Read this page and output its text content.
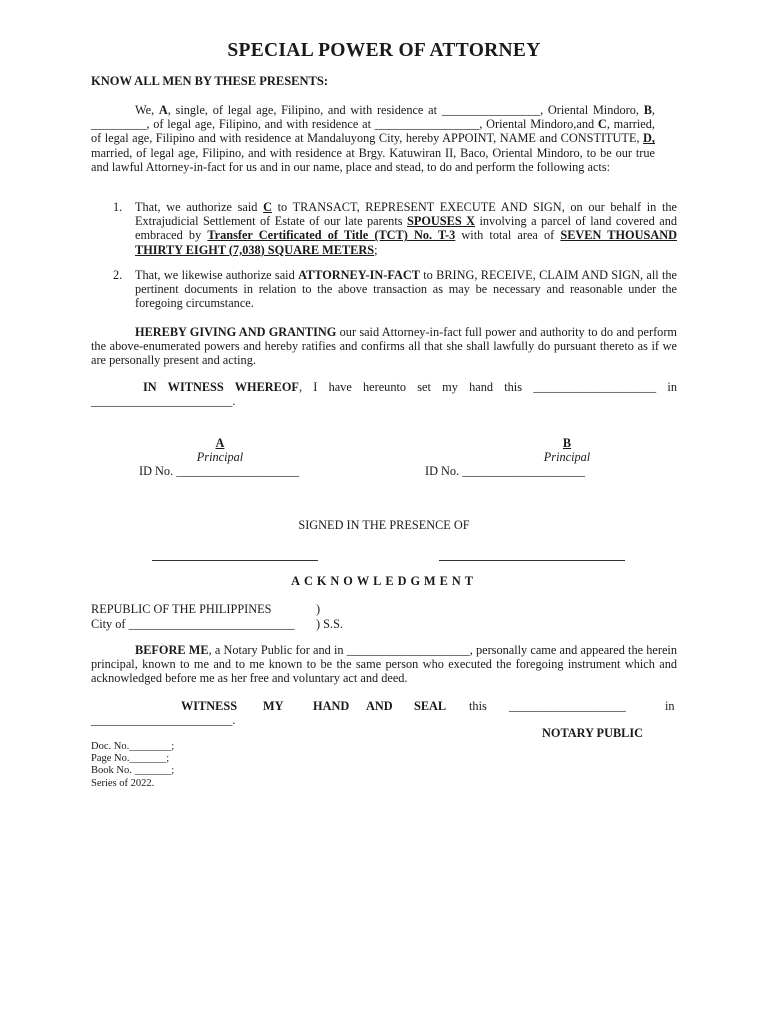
SPECIAL POWER OF ATTORNEY
KNOW ALL MEN BY THESE PRESENTS:
We, A, single, of legal age, Filipino, and with residence at ________________, Oriental Mindoro, B, _________, of legal age, Filipino, and with residence at _________________, Oriental Mindoro,and C, married, of legal age, Filipino and with residence at Mandaluyong City, hereby APPOINT, NAME and CONSTITUTE, D, married, of legal age, Filipino, and with residence at Brgy. Katuwiran II, Baco, Oriental Mindoro, to be our true and lawful Attorney-in-fact for us and in our name, place and stead, to do and perform the following acts:
1. That, we authorize said C to TRANSACT, REPRESENT EXECUTE AND SIGN, on our behalf in the Extrajudicial Settlement of Estate of our late parents SPOUSES X involving a parcel of land covered and embraced by Transfer Certificated of Title (TCT) No. T-3 with total area of SEVEN THOUSAND THIRTY EIGHT (7,038) SQUARE METERS;
2. That, we likewise authorize said ATTORNEY-IN-FACT to BRING, RECEIVE, CLAIM AND SIGN, all the pertinent documents in relation to the above transaction as may be necessary and reasonable under the foregoing circumstance.
HEREBY GIVING AND GRANTING our said Attorney-in-fact full power and authority to do and perform the above-enumerated powers and hereby ratifies and confirms all that she shall lawfully do pursuant thereto as if we are personally present and acting.
IN WITNESS WHEREOF, I have hereunto set my hand this ____________________ in
_______________________.
A
Principal
ID No. ____________________
B
Principal
ID No. ____________________
SIGNED IN THE PRESENCE OF
ACKNOWLEDGMENT
REPUBLIC OF THE PHILIPPINES	)
City of ___________________________ ) S.S.
BEFORE ME, a Notary Public for and in ____________________, personally came and appeared the herein principal, known to me and to me known to be the same person who executed the foregoing instrument which and acknowledged before me as her free and voluntary act and deed.
WITNESS MY HAND AND SEAL this ___________________	in
_______________________.
NOTARY PUBLIC
Doc. No.________;
Page No._______;
Book No. _______;
Series of 2022.
